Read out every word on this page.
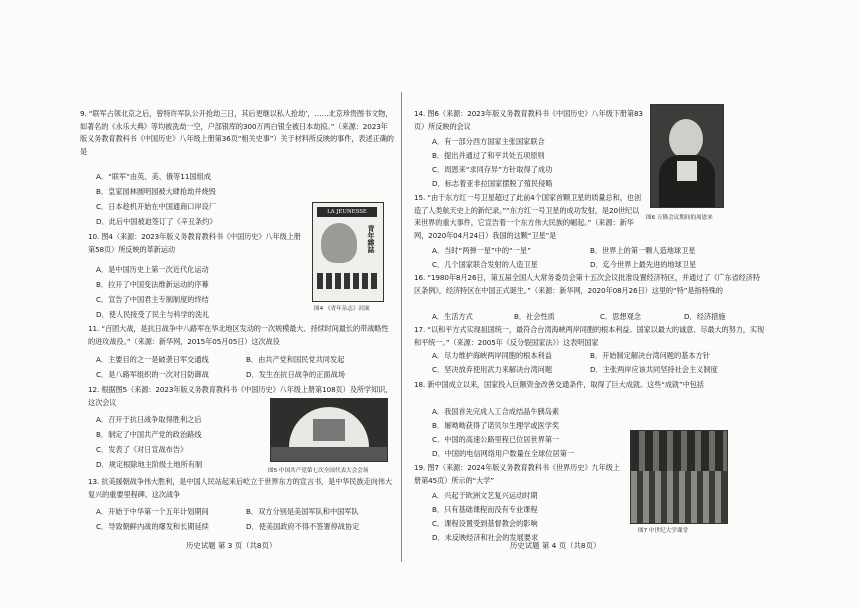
9. “联军占领北京之后，曾特许军队公开抢劫三日，其后更继以私人抢劫’，……北京珍贵图书文物，如著名的《永乐大典》等均被洗劫一空，户部银库的300万两白银全被日本劫掠。”（来源：2023年版义务教育教科书《中国历史》八年级上册第36页“相关史事”）关于材料所反映的事件，表述正确的是
A．“联军”由英、美、俄等11国组成
B．皇家园林圆明园被大肆抢劫并烧毁
C．日本趁机开始在中国通商口岸设厂
D．此后中国被迫签订了《辛丑条约》
10. 图4（来源：2023年版义务教育教科书《中国历史》八年级上册第58页）所反映的革新运动
A．是中国历史上第一次近代化运动
B．拉开了中国变法维新运动的序幕
C．宣告了中国君主专制制度的终结
D．使人民接受了民主与科学的洗礼
LA JEUNESSE
青年雜誌
图4 《青年杂志》封面
11. “百团大战，是抗日战争中八路军在华北地区发动的一次规模最大、持续时间最长的带战略性的进攻战役。”（来源：新华网，2015年05月05日）这次战役
A．主要目的之一是破袭日军交通线	B．由共产党和国民党共同发起
C．是八路军组织的一次对日防御战	D．发生在抗日战争的正面战场
12. 根据图5（来源：2023年版义务教育教科书《中国历史》八年级上册第108页）及所学知识，这次会议
A．召开于抗日战争取得胜利之后
B．制定了中国共产党的政治路线
C．发表了《对日宣战布告》
D．规定根除地主阶级土地所有制
图5 中国共产党第七次全国代表大会会场
13. 抗美援朝战争伟大胜利，是中国人民站起来后屹立于世界东方的宣言书，是中华民族走向伟大复兴的重要里程碑。这次战争
A．开始于中华第一个五年计划期间	B．双方分别是美国军队和中国军队
C．导致朝鲜内战的爆发和长期延续	D．使美国政府不得不签署停战协定
历史试题 第 3 页（共8页）
14. 图6（来源：2023年版义务教育教科书《中国历史》八年级下册第83页）所反映的会议
A．有一部分西方国家主张国家联合
B．提出并通过了和平共处五项原则
C．周恩来“求同存异”方针取得了成功
D．标志着亚非拉国家摆脱了殖民侵略
图6 万隆会议期间的周恩来
15. “由于东方红一号卫星超过了此前4个国家首颗卫星的质量总和，也创造了人类航天史上的新纪录。”“东方红一号卫星的成功发射，是20世纪以来世界的重大事件，它宣告着一个东方伟大民族的崛起。”（来源：新华网，2020年04月24日）我国的这颗“卫星”是
A．当时“两弹一星”中的“一星”	B．世界上的第一颗人造地球卫星
C．几个国家联合发射的人造卫星	D．迄今世界上最先进的地球卫星
16. “1980年8月26日，第五届全国人大常务委员会第十五次会议批准设置经济特区，并通过了《广东省经济特区条例》，经济特区在中国正式诞生。”（来源：新华网，2020年08月26日）这里的“特”是指特殊的
A．生活方式	B．社会性质	C．思想观念	D．经济措施
17. “以和平方式实现祖国统一，最符合台湾海峡两岸同胞的根本利益。国家以最大的诚意、尽最大的努力，实现和平统一。”（来源：2005年《反分裂国家法》）这表明国家
A．尽力维护海峡两岸同胞的根本利益	B．开始制定解决台湾问题的基本方针
C．坚决放弃使用武力来解决台湾问题	D．主张两岸应该共同坚持社会主义制度
18. 新中国成立以来，国家投入巨额资金改善交通条件，取得了巨大成就。这些“成就”中包括
A．我国首先完成人工合成结晶牛胰岛素
B．屠呦呦获得了诺贝尔生理学或医学奖
C．中国的高速公路里程已位居世界第一
D．中国的电信网络用户数量在全球位居第一
19. 图7（来源：2024年版义务教育教科书《世界历史》九年级上册第45页）所示的“大学”
A．兴起于欧洲文艺复兴运动时期
B．只有基础课程而没有专业课程
C．课程设置受到基督教会的影响
D．未反映经济和社会的发展要求
图7 中世纪大学课堂
历史试题 第 4 页（共8页）
